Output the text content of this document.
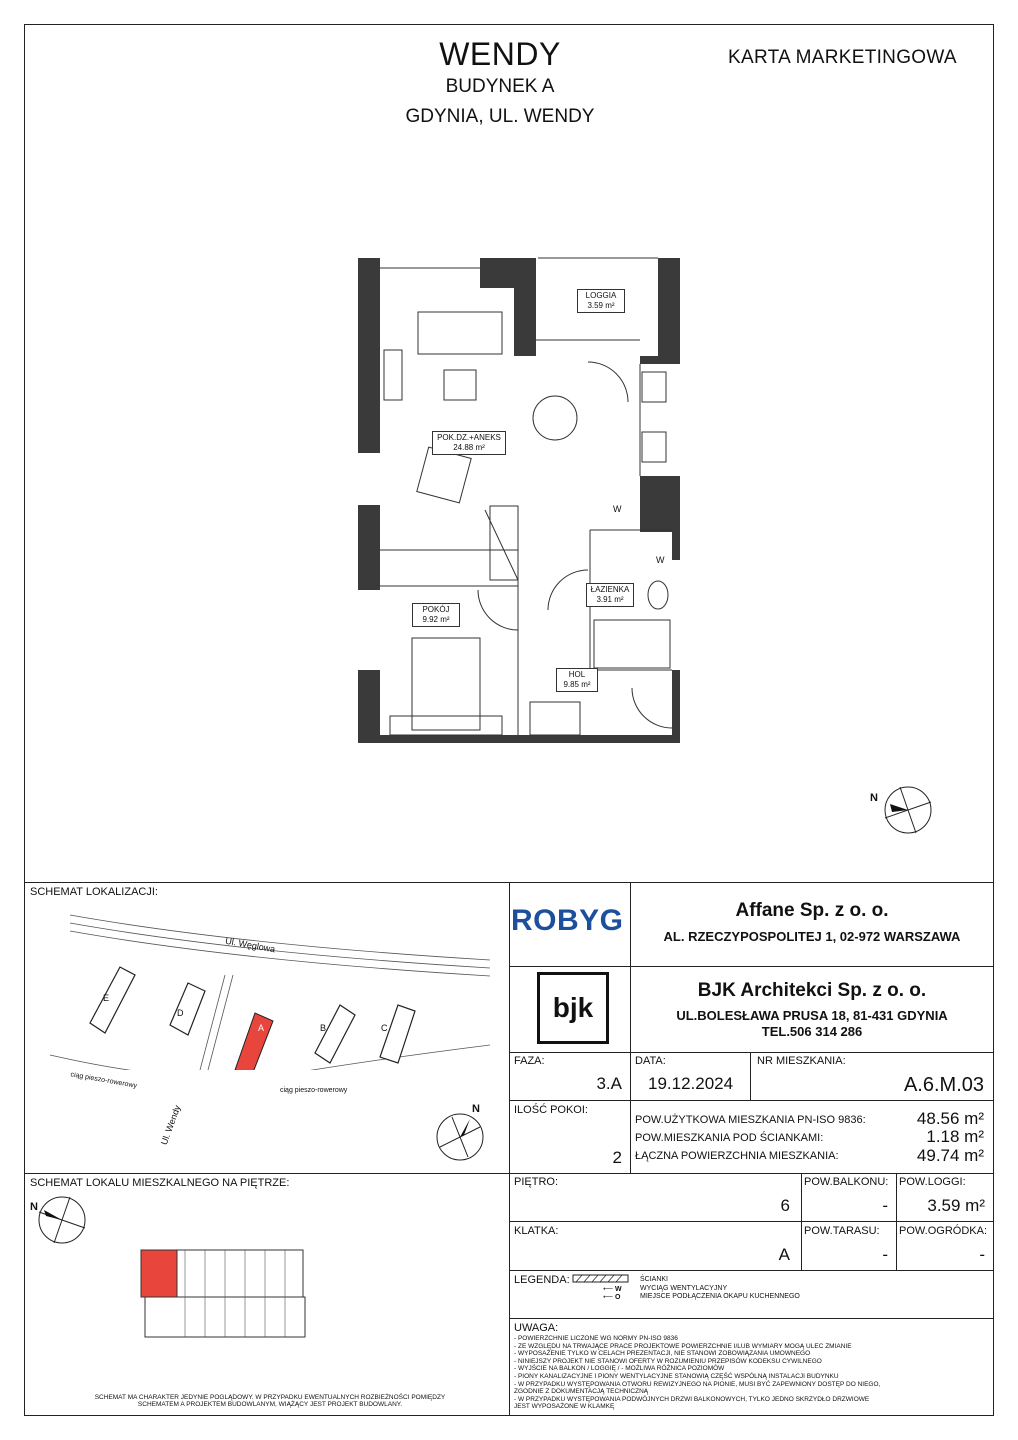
WENDY
BUDYNEK A
GDYNIA, UL. WENDY
KARTA MARKETINGOWA
LOGGIA
3.59 m²
POK.DZ.+ANEKS
24.88 m²
ŁAZIENKA
3.91 m²
POKÓJ
9.92 m²
HOL
9.85 m²
W
W
N
SCHEMAT LOKALIZACJI:
Ul. Węglowa
Ul. Wendy
ciąg pieszo-rowerowy
ciąg pieszo-rowerowy
E
D
A	B	C
N
SCHEMAT LOKALU MIESZKALNEGO NA PIĘTRZE:
N
SCHEMAT MA CHARAKTER JEDYNIE POGLĄDOWY. W PRZYPADKU EWENTUALNYCH ROZBIEŻNOŚCI POMIĘDZY
SCHEMATEM A PROJEKTEM BUDOWLANYM, WIĄŻĄCY JEST PROJEKT BUDOWLANY.
ROBYG	Affane Sp. z o. o.
AL. RZECZYPOSPOLITEJ 1, 02-972 WARSZAWA
bjk
BJK Architekci Sp. z o. o.
UL.BOLESŁAWA PRUSA 18, 81-431 GDYNIA
TEL.506 314 286
FAZA:
3.A
DATA:
19.12.2024
NR MIESZKANIA:
A.6.M.03
ILOŚĆ POKOI:
2
POW.UŻYTKOWA MIESZKANIA PN-ISO 9836:	48.56 m²
POW.MIESZKANIA POD ŚCIANKAMI:	1.18 m²
ŁĄCZNA POWIERZCHNIA MIESZKANIA:	49.74 m²
PIĘTRO:
6
POW.BALKONU:
-
POW.LOGGI:
3.59 m²
KLATKA:
A
POW.TARASU:
-
POW.OGRÓDKA:
-
LEGENDA:
⟵ W
⟵ O
ŚCIANKI
WYCIĄG WENTYLACYJNY
MIEJSCE PODŁĄCZENIA OKAPU KUCHENNEGO
UWAGA:
- POWIERZCHNIE LICZONE WG NORMY PN-ISO 9836
- ZE WZGLĘDU NA TRWAJĄCE PRACE PROJEKTOWE POWIERZCHNIE I/LUB WYMIARY MOGĄ ULEC ZMIANIE
- WYPOSAŻENIE TYLKO W CELACH PREZENTACJI, NIE STANOWI ZOBOWIĄZANIA UMOWNEGO
- NINIEJSZY PROJEKT NIE STANOWI OFERTY W ROZUMIENIU PRZEPISÓW KODEKSU CYWILNEGO
- WYJŚCIE NA BALKON / LOGGIĘ / - MOŻLIWA RÓŻNICA POZIOMÓW
- PIONY KANALIZACYJNE I PIONY WENTYLACYJNE STANOWIĄ CZĘŚĆ WSPÓLNĄ INSTALACJI BUDYNKU
- W PRZYPADKU WYSTĘPOWANIA OTWORU REWIZYJNEGO NA PIONIE, MUSI BYĆ ZAPEWNIONY DOSTĘP DO NIEGO,
ZGODNIE Z DOKUMENTACJĄ TECHNICZNĄ
- W PRZYPADKU WYSTĘPOWANIA PODWÓJNYCH DRZWI BALKONOWYCH, TYLKO JEDNO SKRZYDŁO DRZWIOWE
JEST WYPOSAŻONE W KLAMKĘ
